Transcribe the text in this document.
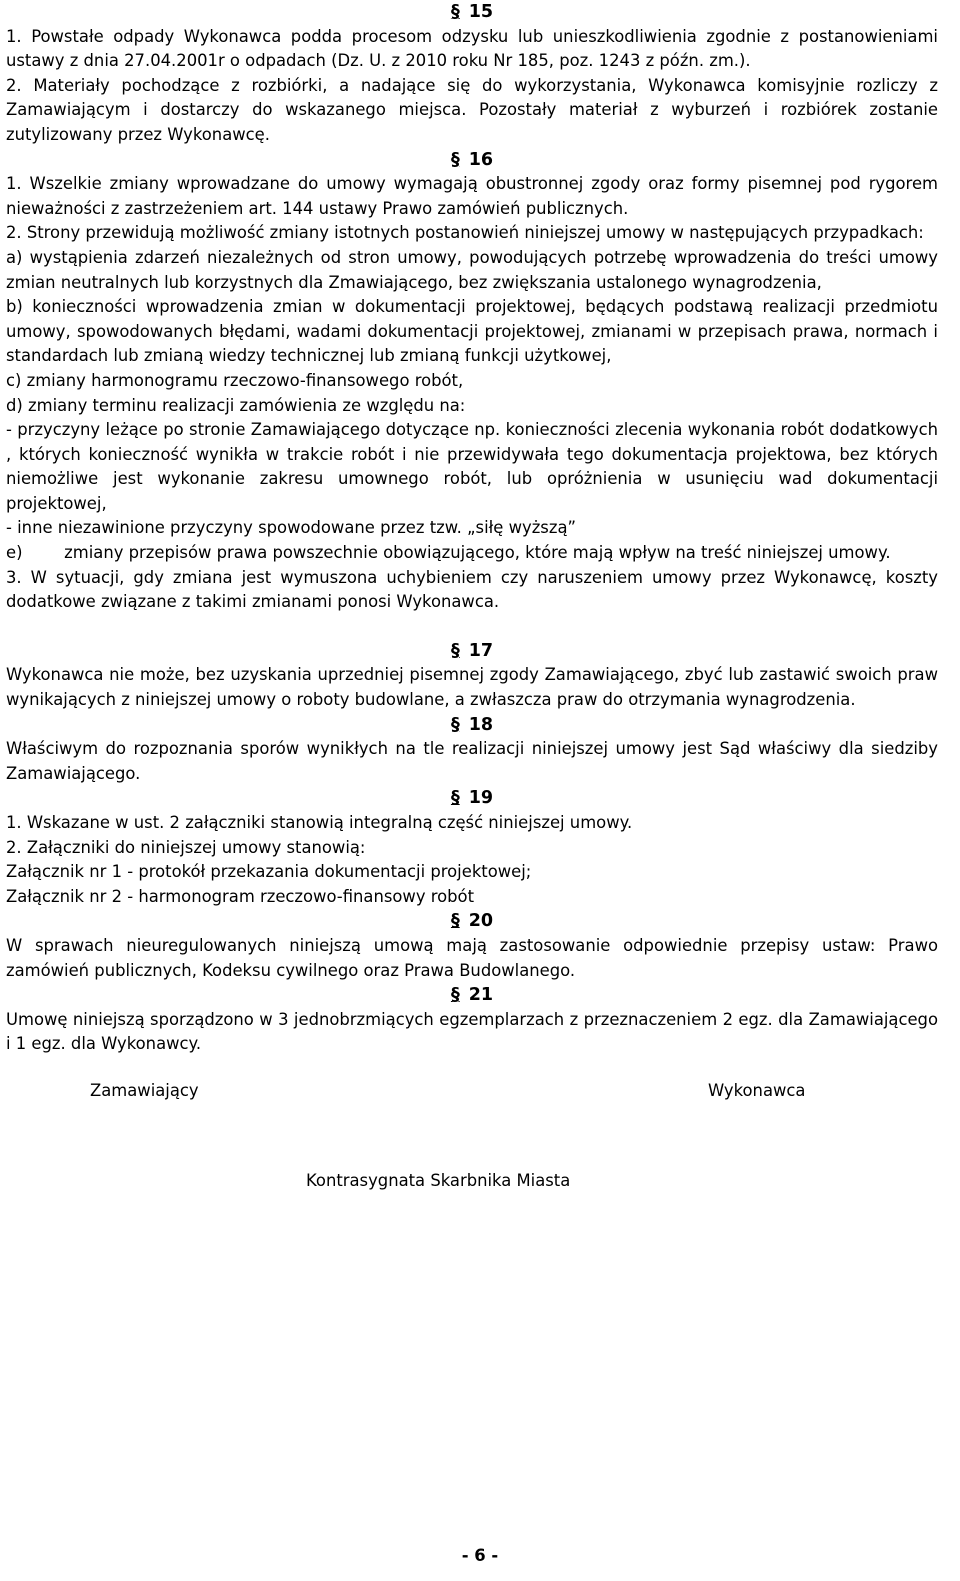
§ 15

1. Powstałe odpady Wykonawca podda procesom odzysku lub unieszkodliwienia zgodnie z postanowieniami ustawy z dnia 27.04.2001r o odpadach (Dz. U. z 2010 roku Nr 185, poz. 1243 z późn. zm.).

2. Materiały pochodzące z rozbiórki, a nadające się do wykorzystania, Wykonawca komisyjnie rozliczy z Zamawiającym i dostarczy do wskazanego miejsca. Pozostały materiał z wyburzeń i rozbiórek zostanie zutylizowany przez Wykonawcę.

§ 16

1. Wszelkie zmiany wprowadzane do umowy wymagają obustronnej zgody oraz formy pisemnej pod rygorem nieważności z zastrzeżeniem art. 144 ustawy Prawo zamówień publicznych.

2. Strony przewidują możliwość zmiany istotnych postanowień niniejszej umowy w następujących przypadkach:

a) wystąpienia zdarzeń niezależnych od stron umowy, powodujących potrzebę wprowadzenia do treści umowy zmian neutralnych lub korzystnych dla Zmawiającego, bez zwiększania ustalonego wynagrodzenia,

b) konieczności wprowadzenia zmian w dokumentacji projektowej, będących podstawą realizacji przedmiotu umowy, spowodowanych błędami, wadami dokumentacji projektowej, zmianami w przepisach prawa, normach i standardach lub zmianą wiedzy technicznej lub zmianą funkcji użytkowej,

c) zmiany harmonogramu rzeczowo-finansowego robót,

d) zmiany terminu realizacji zamówienia ze względu na:

- przyczyny leżące po stronie Zamawiającego dotyczące np. konieczności zlecenia wykonania robót dodatkowych , których konieczność wynikła w trakcie robót i nie przewidywała tego dokumentacja projektowa, bez których niemożliwe jest wykonanie zakresu umownego robót, lub opróżnienia w usunięciu wad dokumentacji projektowej,

- inne niezawinione przyczyny spowodowane przez tzw. „siłę wyższą”

e)        zmiany przepisów prawa powszechnie obowiązującego, które mają wpływ na treść niniejszej umowy.

3. W sytuacji, gdy zmiana jest wymuszona uchybieniem czy naruszeniem umowy przez Wykonawcę, koszty dodatkowe związane z takimi zmianami ponosi Wykonawca.

§ 17

Wykonawca nie może, bez uzyskania uprzedniej pisemnej zgody Zamawiającego, zbyć lub zastawić swoich praw wynikających z niniejszej umowy o roboty budowlane, a zwłaszcza praw do otrzymania wynagrodzenia.

§ 18

Właściwym do rozpoznania sporów wynikłych na tle realizacji niniejszej umowy jest Sąd właściwy dla siedziby Zamawiającego.

§ 19

1. Wskazane w ust. 2 załączniki stanowią integralną część niniejszej umowy.

2. Załączniki do niniejszej umowy stanowią:

Załącznik nr 1 - protokół przekazania dokumentacji projektowej;

Załącznik nr 2 - harmonogram rzeczowo-finansowy robót

§ 20

W sprawach nieuregulowanych niniejszą umową mają zastosowanie odpowiednie przepisy ustaw: Prawo zamówień publicznych, Kodeksu cywilnego oraz Prawa Budowlanego.

§ 21

Umowę niniejszą sporządzono w 3 jednobrzmiących egzemplarzach z przeznaczeniem 2 egz. dla Zamawiającego i 1 egz. dla Wykonawcy.

Zamawiający	Wykonawca
Kontrasygnata Skarbnika Miasta
- 6 -
